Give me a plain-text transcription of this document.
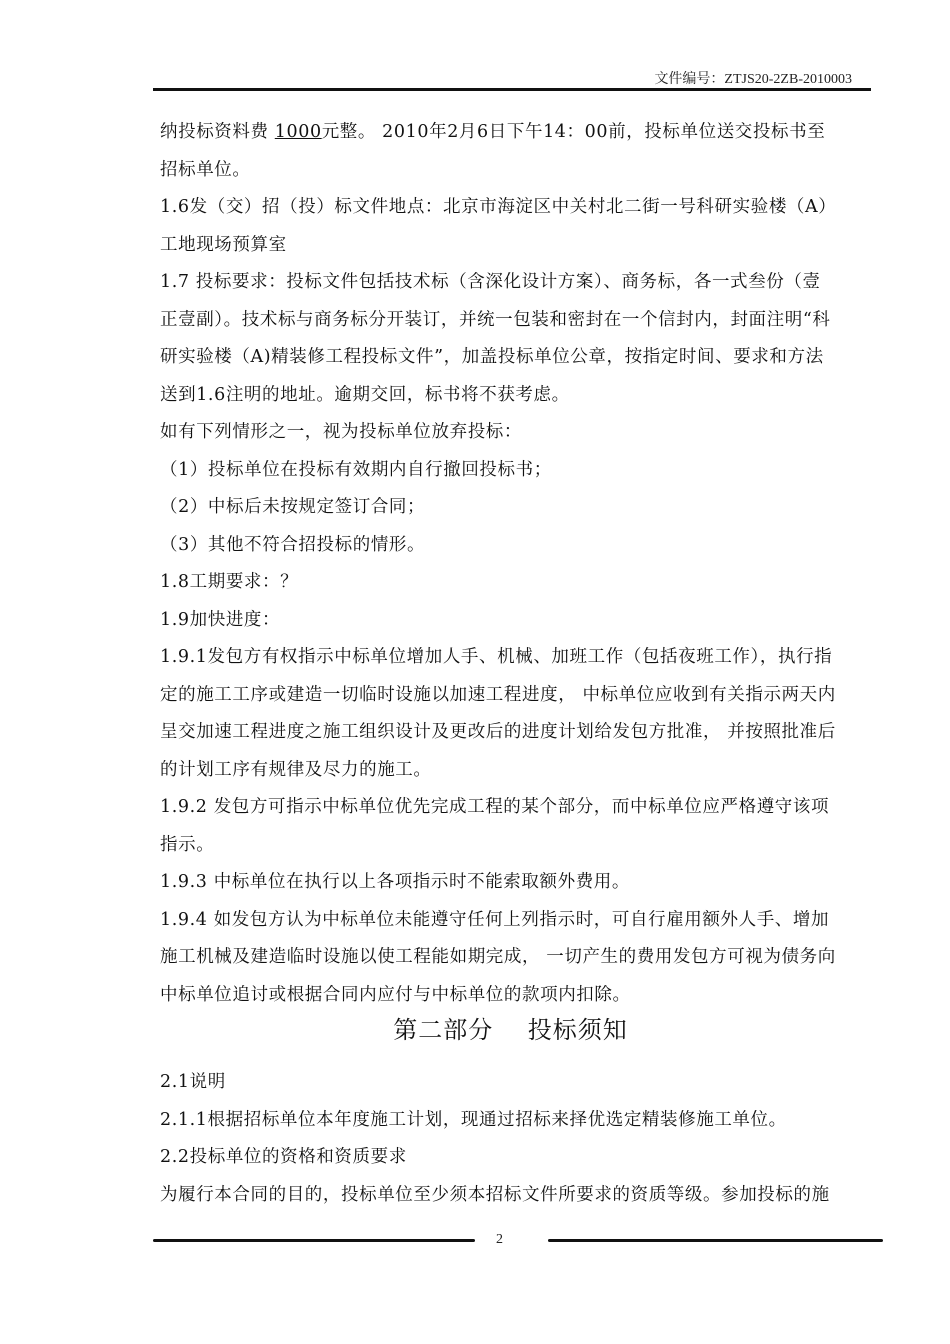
文件编号：ZTJS20-2ZB-2010003

纳投标资料费 1000元整。 2010年2月6日下午14：00前，投标单位送交投标书至

招标单位。

1.6发（交）招（投）标文件地点：北京市海淀区中关村北二街一号科研实验楼（A）

工地现场预算室

1.7 投标要求：投标文件包括技术标（含深化设计方案）、商务标，各一式叁份（壹

正壹副）。技术标与商务标分开装订，并统一包装和密封在一个信封内，封面注明“科

研实验楼（A)精装修工程投标文件”，加盖投标单位公章，按指定时间、要求和方法

送到1.6注明的地址。逾期交回，标书将不获考虑。

如有下列情形之一，视为投标单位放弃投标：

（1）投标单位在投标有效期内自行撤回投标书；

（2）中标后未按规定签订合同；

（3）其他不符合招投标的情形。

1.8工期要求：？

1.9加快进度：

1.9.1发包方有权指示中标单位增加人手、机械、加班工作（包括夜班工作），执行指

定的施工工序或建造一切临时设施以加速工程进度， 中标单位应收到有关指示两天内

呈交加速工程进度之施工组织设计及更改后的进度计划给发包方批准， 并按照批准后

的计划工序有规律及尽力的施工。

1.9.2 发包方可指示中标单位优先完成工程的某个部分，而中标单位应严格遵守该项

指示。

1.9.3 中标单位在执行以上各项指示时不能索取额外费用。

1.9.4 如发包方认为中标单位未能遵守任何上列指示时，可自行雇用额外人手、增加

施工机械及建造临时设施以使工程能如期完成， 一切产生的费用发包方可视为债务向

中标单位追讨或根据合同内应付与中标单位的款项内扣除。

第二部分    投标须知

2.1说明

2.1.1根据招标单位本年度施工计划，现通过招标来择优选定精装修施工单位。

2.2投标单位的资格和资质要求

为履行本合同的目的，投标单位至少须本招标文件所要求的资质等级。参加投标的施

2
